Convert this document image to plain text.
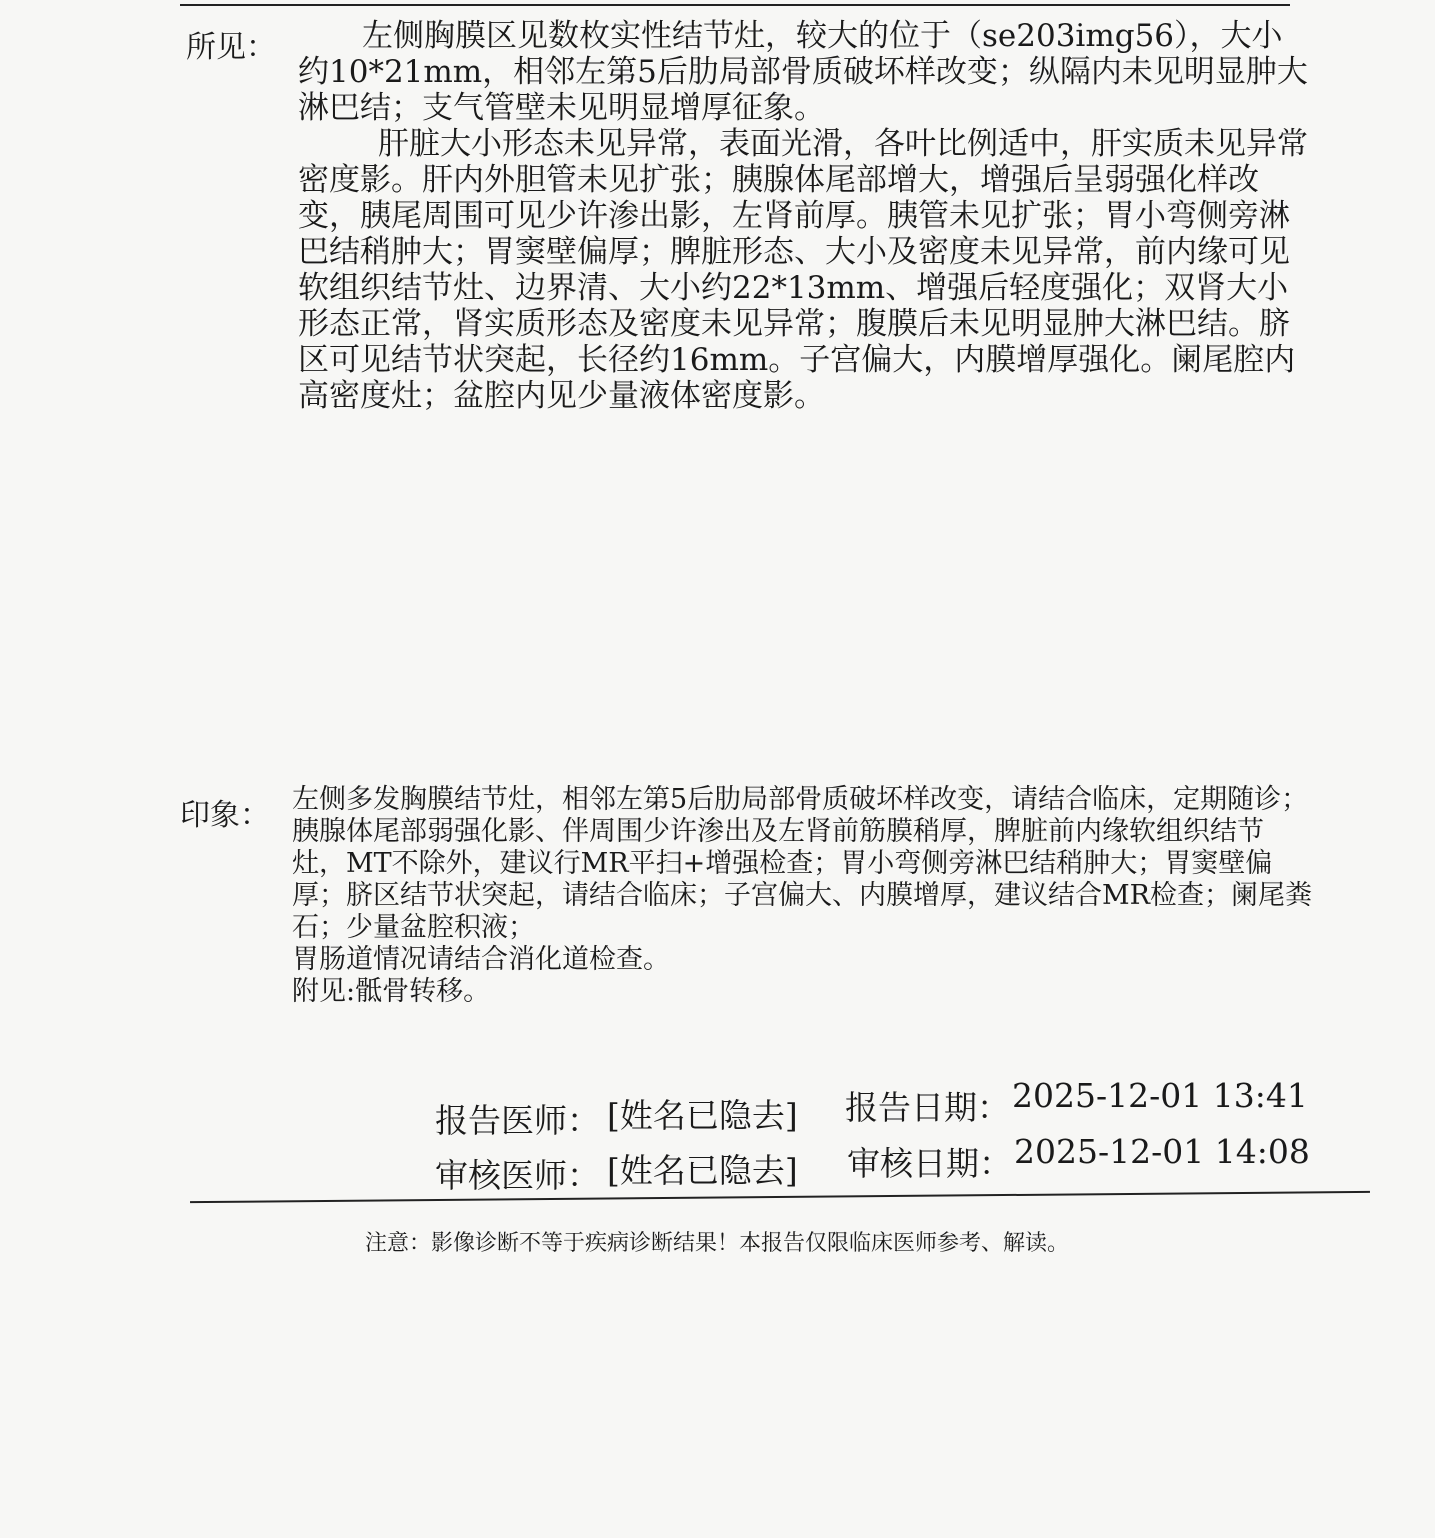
所见：	左侧胸膜区见数枚实性结节灶，较大的位于（se203img56），大小约10*21mm，相邻左第5后肋局部骨质破坏样改变；纵隔内未见明显肿大淋巴结；支气管壁未见明显增厚征象。
肝脏大小形态未见异常，表面光滑，各叶比例适中，肝实质未见异常密度影。肝内外胆管未见扩张；胰腺体尾部增大，增强后呈弱强化样改变，胰尾周围可见少许渗出影，左肾前厚。胰管未见扩张；胃小弯侧旁淋巴结稍肿大；胃窦壁偏厚；脾脏形态、大小及密度未见异常，前内缘可见软组织结节灶、边界清、大小约22*13mm、增强后轻度强化；双肾大小形态正常，肾实质形态及密度未见异常；腹膜后未见明显肿大淋巴结。脐区可见结节状突起，长径约16mm。子宫偏大，内膜增厚强化。阑尾腔内高密度灶；盆腔内见少量液体密度影。
印象： 左侧多发胸膜结节灶，相邻左第5后肋局部骨质破坏样改变，请结合临床，定期随诊；
胰腺体尾部弱强化影、伴周围少许渗出及左肾前筋膜稍厚，脾脏前内缘软组织结节灶，MT不除外，建议行MR平扫+增强检查；胃小弯侧旁淋巴结稍肿大；胃窦壁偏厚；脐区结节状突起，请结合临床；子宫偏大、内膜增厚，建议结合MR检查；阑尾粪石；少量盆腔积液；
胃肠道情况请结合消化道检查。
附见:骶骨转移。
报告医师： [姓名已隐去] 报告日期： 2025-12-01 13:41
审核医师： [姓名已隐去] 审核日期： 2025-12-01 14:08
注意：影像诊断不等于疾病诊断结果！本报告仅限临床医师参考、解读。
